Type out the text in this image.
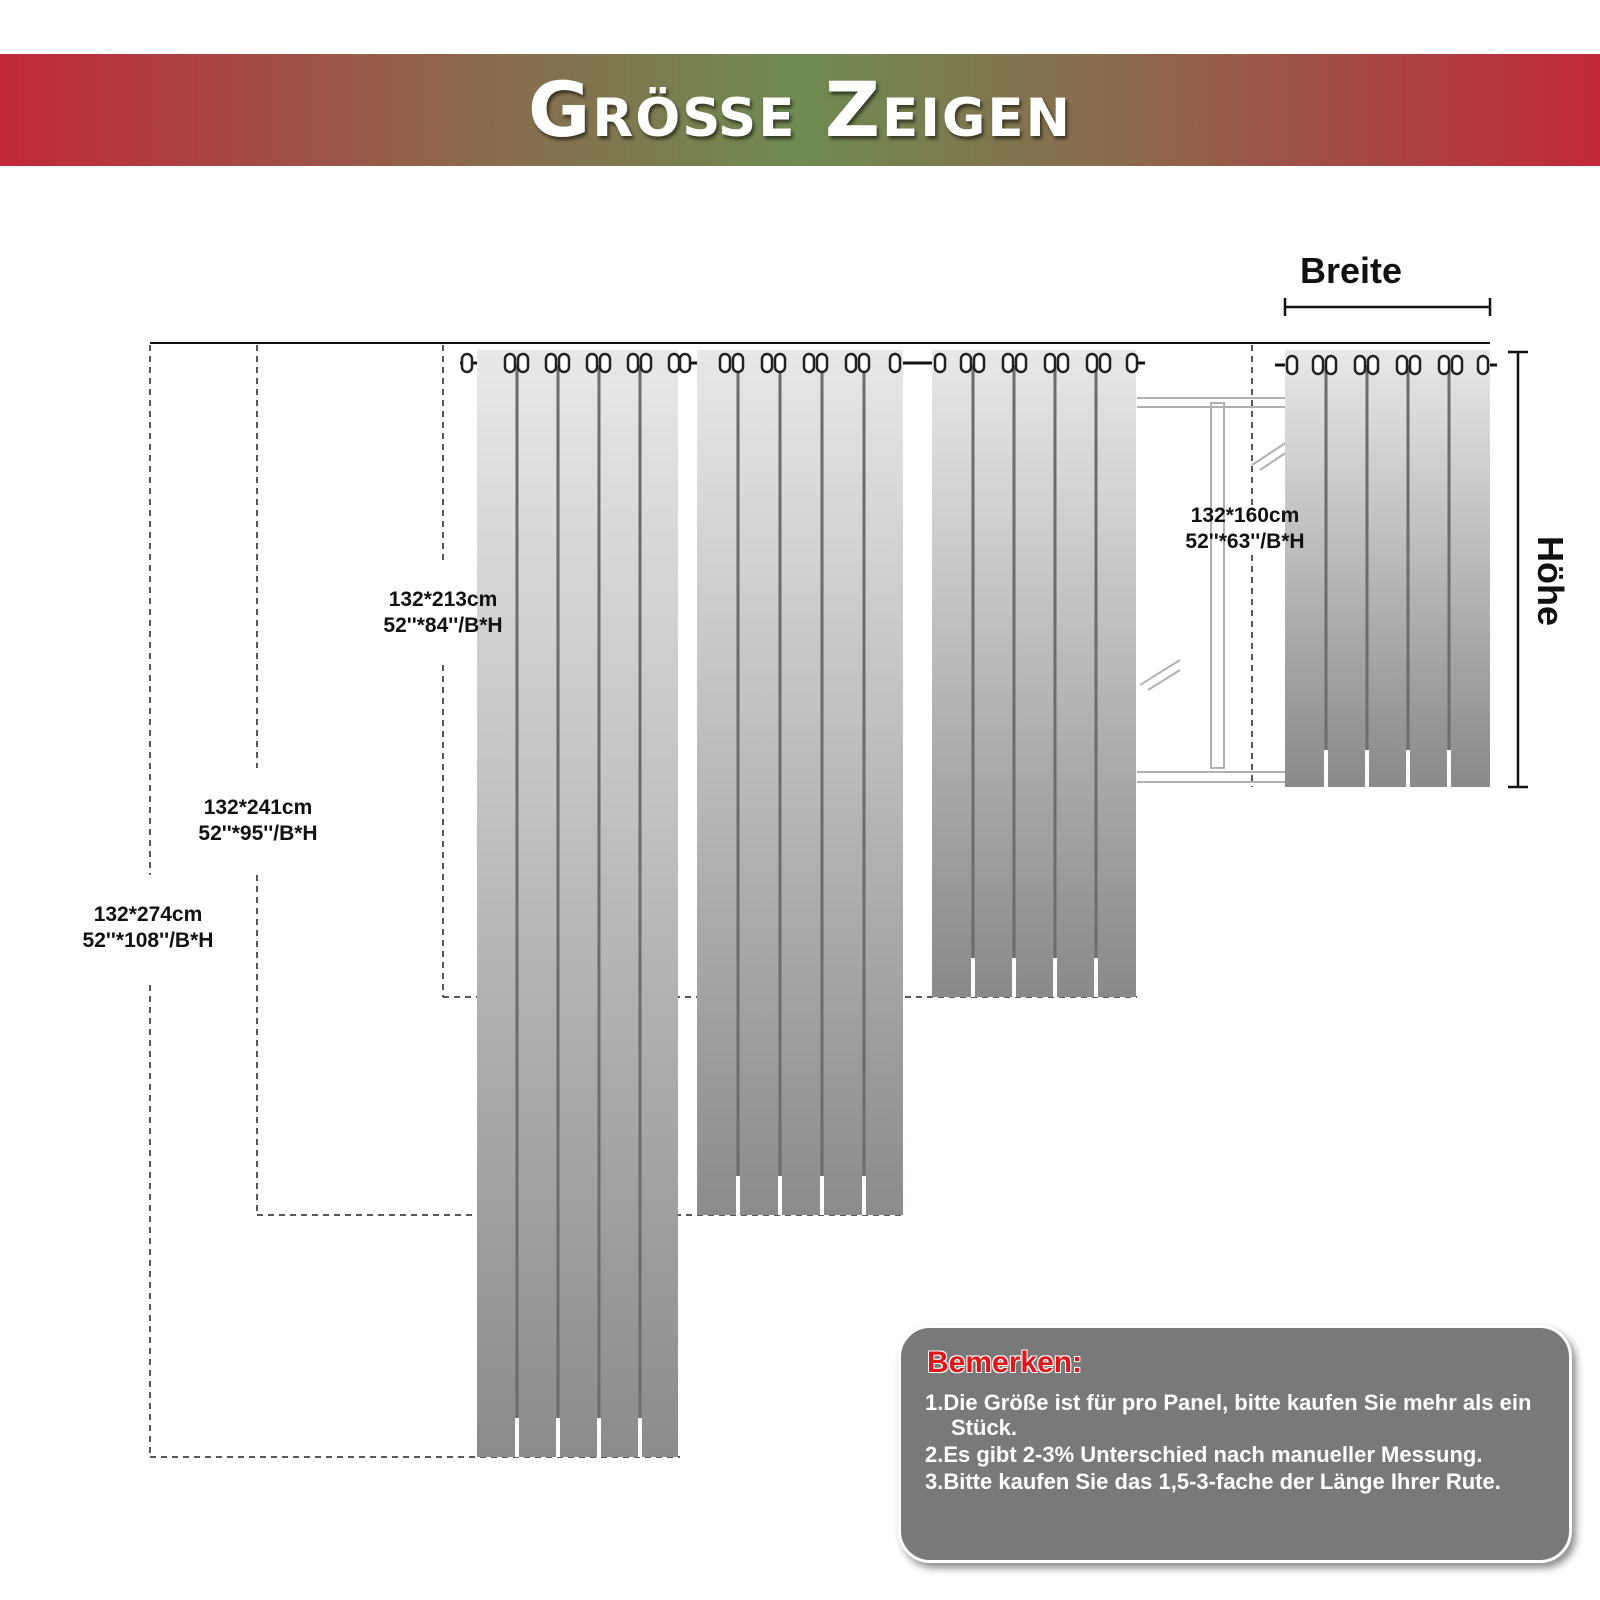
Größe Zeigen
132*274cm
52''*108''/B*H
132*241cm
52''*95''/B*H
132*213cm
52''*84''/B*H
132*160cm
52''*63''/B*H
Breite
Höhe
Bemerken:
1.Die Größe ist für pro Panel, bitte kaufen Sie mehr als ein Stück.
2.Es gibt 2-3% Unterschied nach manueller Messung.
3.Bitte kaufen Sie das 1,5-3-fache der Länge Ihrer Rute.
